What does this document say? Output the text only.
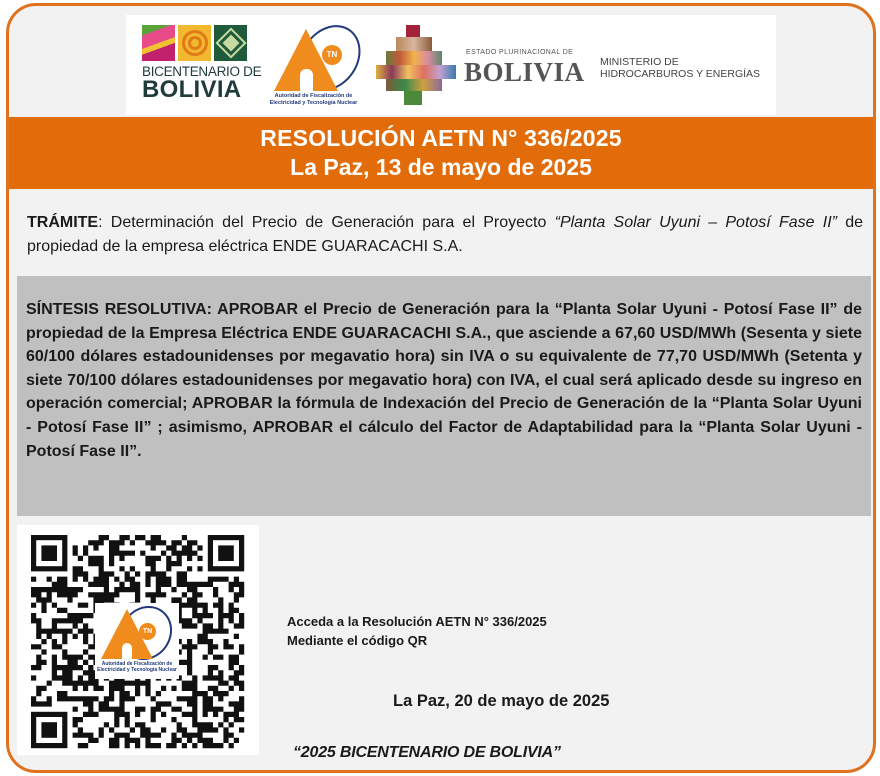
BICENTENARIO DE
BOLIVIA
TN
Autoridad de Fiscalización de
Electricidad y Tecnología Nuclear
ESTADO PLURINACIONAL DE
BOLIVIA MINISTERIO DE
HIDROCARBUROS Y ENERGÍAS
RESOLUCIÓN AETN N° 336/2025
La Paz, 13 de mayo de 2025
TRÁMITE: Determinación del Precio de Generación para el Proyecto “Planta Solar Uyuni – Potosí Fase II” de propiedad de la empresa eléctrica ENDE GUARACACHI S.A.

SÍNTESIS RESOLUTIVA: APROBAR el Precio de Generación para la “Planta Solar Uyuni - Potosí Fase II” de propiedad de la Empresa Eléctrica ENDE GUARACACHI S.A., que asciende a 67,60 USD/MWh (Sesenta y siete 60/100 dólares estadounidenses por megavatio hora) sin IVA o su equivalente de 77,70 USD/MWh (Setenta y siete 70/100 dólares estadounidenses por megavatio hora) con IVA, el cual será aplicado desde su ingreso en operación comercial; APROBAR la fórmula de Indexación del Precio de Generación de la “Planta Solar Uyuni - Potosí Fase II” ; asimismo, APROBAR el cálculo del Factor de Adaptabilidad para la “Planta Solar Uyuni - Potosí Fase II”.

TN
Autoridad de Fiscalización de
Electricidad y Tecnología Nuclear
Acceda a la Resolución AETN N° 336/2025
Mediante el código QR
La Paz, 20 de mayo de 2025
“2025 BICENTENARIO DE BOLIVIA”
